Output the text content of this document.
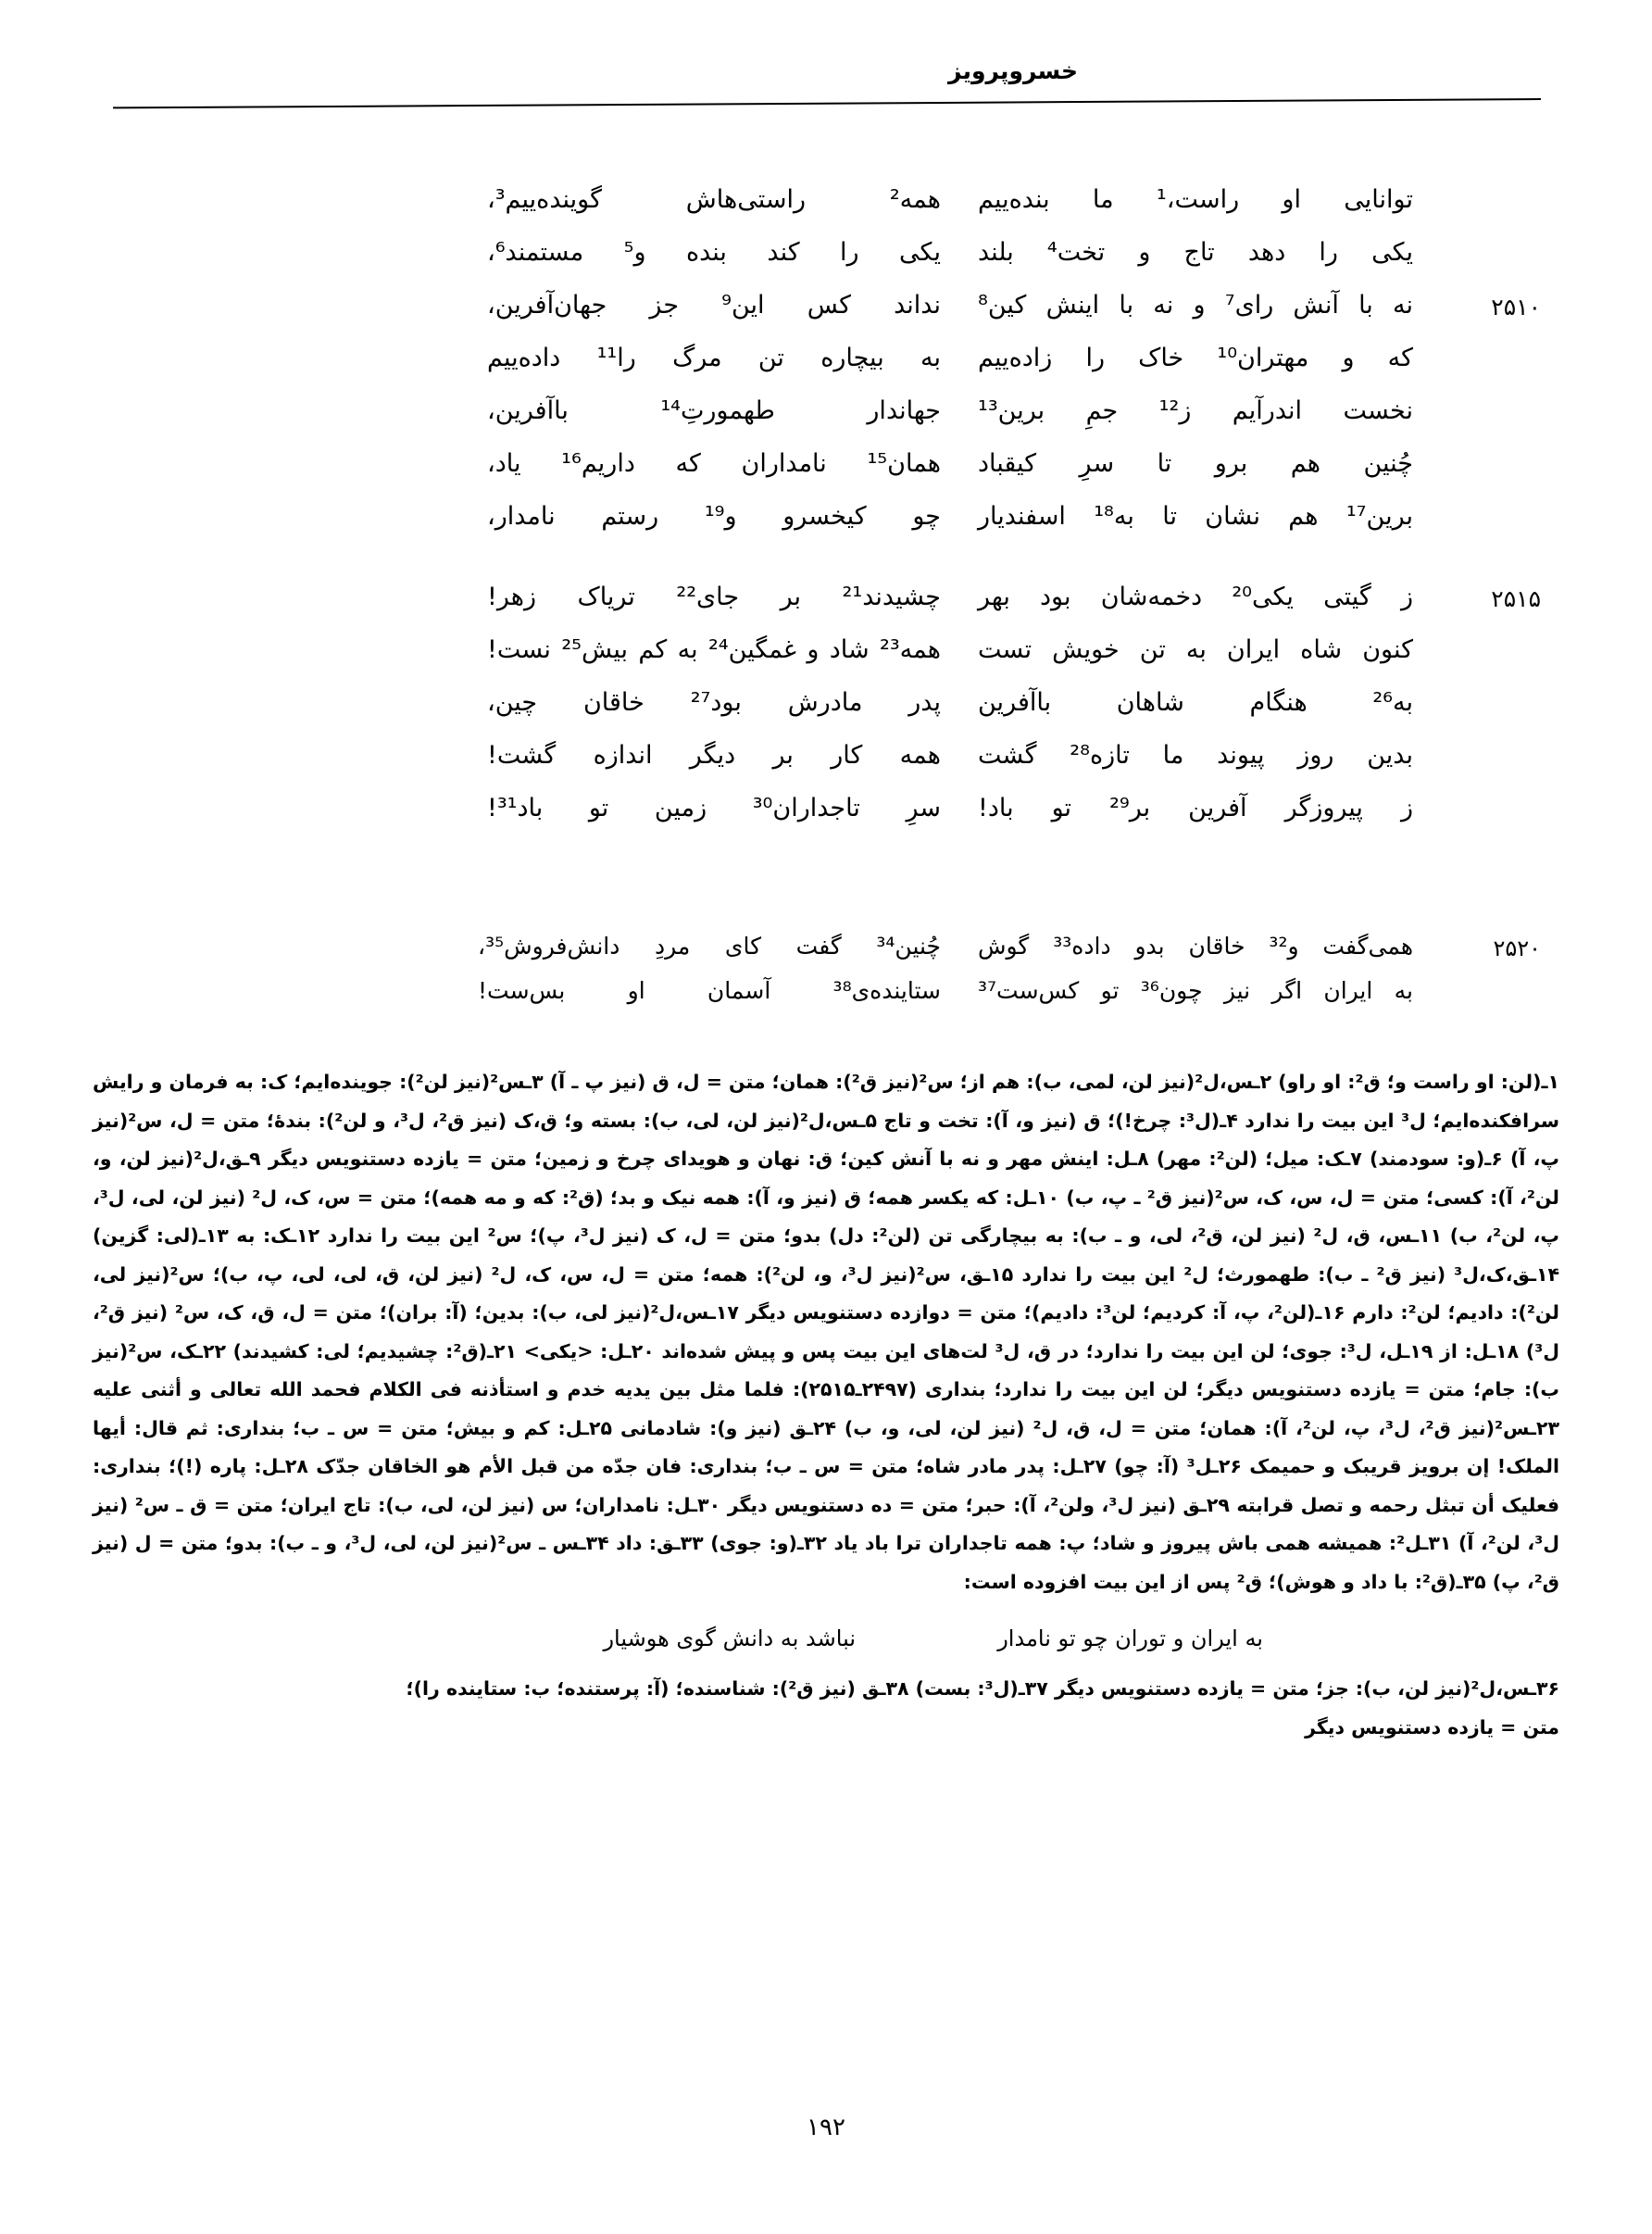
خسروپرویز
توانایی او راست،¹ ما بنده‌ییم
همه² راستی‌هاش گوینده‌ییم³،
یکی را دهد تاج و تخت⁴ بلند
یکی را کند بنده و⁵ مستمند⁶،
۲۵۱۰
نه با آنش رای⁷ و نه با اینش کین⁸
نداند کس این⁹ جز جهان‌آفرین،
که و مهتران¹⁰ خاک را زاده‌ییم
به بیچاره تن مرگ را¹¹ داده‌ییم
نخست اندرآیم ز¹² جمِ برین¹³
جهاندار طهمورتِ¹⁴ باآفرین،
چُنین هم برو تا سرِ کیقباد
همان¹⁵ نامداران که داریم¹⁶ یاد،
برین¹⁷ هم نشان تا به¹⁸ اسفندیار
چو کیخسرو و¹⁹ رستم نامدار،
۲۵۱۵
ز گیتی یکی²⁰ دخمه‌شان بود بهر
چشیدند²¹ بر جای²² تریاک زهر!
کنون شاه ایران به تن خویش تست
همه²³ شاد و غمگین²⁴ به کم بیش²⁵ نست!
به²⁶ هنگام شاهان باآفرین
پدر مادرش بود²⁷ خاقان چین،
بدین روز پیوند ما تازه²⁸ گشت
همه کار بر دیگر اندازه گشت!
ز پیروزگر آفرین بر²⁹ تو باد!
سرِ تاجداران³⁰ زمین تو باد³¹!
۲۵۲۰
همی‌گفت و³² خاقان بدو داده³³ گوش
چُنین³⁴ گفت کای مردِ دانش‌فروش³⁵،
به ایران اگر نیز چون³⁶ تو کس‌ست³⁷
ستاینده‌ی³⁸ آسمان او بس‌ست!

۱ـ(لن: او راست و؛ ق²: او راو) ۲ـس،ل²(نیز لن، لمی، ب): هم از؛ س²(نیز ق²): همان؛ متن = ل، ق (نیز پ ـ آ) ۳ـس²(نیز لن²): جوینده‌ایم؛ ک: به فرمان و رایش سرافکنده‌ایم؛ ل³ این بیت را ندارد ۴ـ(ل³: چرخ!)؛ ق (نیز و، آ): تخت و تاج ۵ـس،ل²(نیز لن، لی، ب): بسته و؛ ق،ک (نیز ق²، ل³، و لن²): بندهٔ؛ متن = ل، س²(نیز پ، آ) ۶ـ(و: سودمند) ۷ـک: میل؛ (لن²: مهر) ۸ـل: اینش مهر و نه با آنش کین؛ ق: نهان و هویدای چرخ و زمین؛ متن = یازده دستنویس دیگر ۹ـق،ل²(نیز لن، و، لن²، آ): کسی؛ متن = ل، س، ک، س²(نیز ق² ـ پ، ب) ۱۰ـل: که یکسر همه؛ ق (نیز و، آ): همه نیک و بد؛ (ق²: که و مه همه)؛ متن = س، ک، ل² (نیز لن، لی، ل³، پ، لن²، ب) ۱۱ـس، ق، ل² (نیز لن، ق²، لی، و ـ ب): به بیچارگی تن (لن²: دل) بدو؛ متن = ل، ک (نیز ل³، پ)؛ س² این بیت را ندارد ۱۲ـک: به ۱۳ـ(لی: گزین) ۱۴ـق،ک،ل³ (نیز ق² ـ ب): طهمورث؛ ل² این بیت را ندارد ۱۵ـق، س²(نیز ل³، و، لن²): همه؛ متن = ل، س، ک، ل² (نیز لن، ق، لی، لی، پ، ب)؛ س²(نیز لی، لن²): دادیم؛ لن²: دارم ۱۶ـ(لن²، پ، آ: کردیم؛ لن³: دادیم)؛ متن = دوازده دستنویس دیگر ۱۷ـس،ل²(نیز لی، ب): بدین؛ (آ: بران)؛ متن = ل، ق، ک، س² (نیز ق²، ل³) ۱۸ـل: از ۱۹ـل، ل³: جوی؛ لن این بیت را ندارد؛ در ق، ل³ لت‌های این بیت پس و پیش شده‌اند ۲۰ـل: <یکی> ۲۱ـ(ق²: چشیدیم؛ لی: کشیدند) ۲۲ـک، س²(نیز ب): جام؛ متن = یازده دستنویس دیگر؛ لن این بیت را ندارد؛ بنداری (۲۴۹۷ـ۲۵۱۵): فلما مثل بین یدیه خدم و استأذنه فی الکلام فحمد الله تعالی و أثنی علیه ۲۳ـس²(نیز ق²، ل³، پ، لن²، آ): همان؛ متن = ل، ق، ل² (نیز لن، لی، و، ب) ۲۴ـق (نیز و): شادمانی ۲۵ـل: کم و بیش؛ متن = س ـ ب؛ بنداری: ثم قال: أیها الملک! إن برویز قریبک و حمیمک ۲۶ـل³ (آ: چو) ۲۷ـل: پدر مادر شاه؛ متن = س ـ ب؛ بنداری: فان جدّه من قبل الأم هو الخاقان جدّک ۲۸ـل: پاره (!)؛ بنداری: فعلیک أن تبثل رحمه و تصل قرابته ۲۹ـق (نیز ل³، ولن²، آ): حبر؛ متن = ده دستنویس دیگر ۳۰ـل: نامداران؛ س (نیز لن، لی، ب): تاج ایران؛ متن = ق ـ س² (نیز ل³، لن²، آ) ۳۱ـل²: همیشه همی باش پیروز و شاد؛ پ: همه تاجداران ترا باد یاد ۳۲ـ(و: جوی) ۳۳ـق: داد ۳۴ـس ـ س²(نیز لن، لی، ل³، و ـ ب): بدو؛ متن = ل (نیز ق²، پ) ۳۵ـ(ق²: با داد و هوش)؛ ق² پس از این بیت افزوده است:

به ایران و توران چو تو نامدار
نباشد به دانش گوی هوشیار

۳۶ـس،ل²(نیز لن، ب): جز؛ متن = یازده دستنویس دیگر ۳۷ـ(ل³: بست) ۳۸ـق (نیز ق²): شناسنده؛ (آ: پرستنده؛ ب: ستاینده را)؛

متن = یازده دستنویس دیگر

۱۹۲
